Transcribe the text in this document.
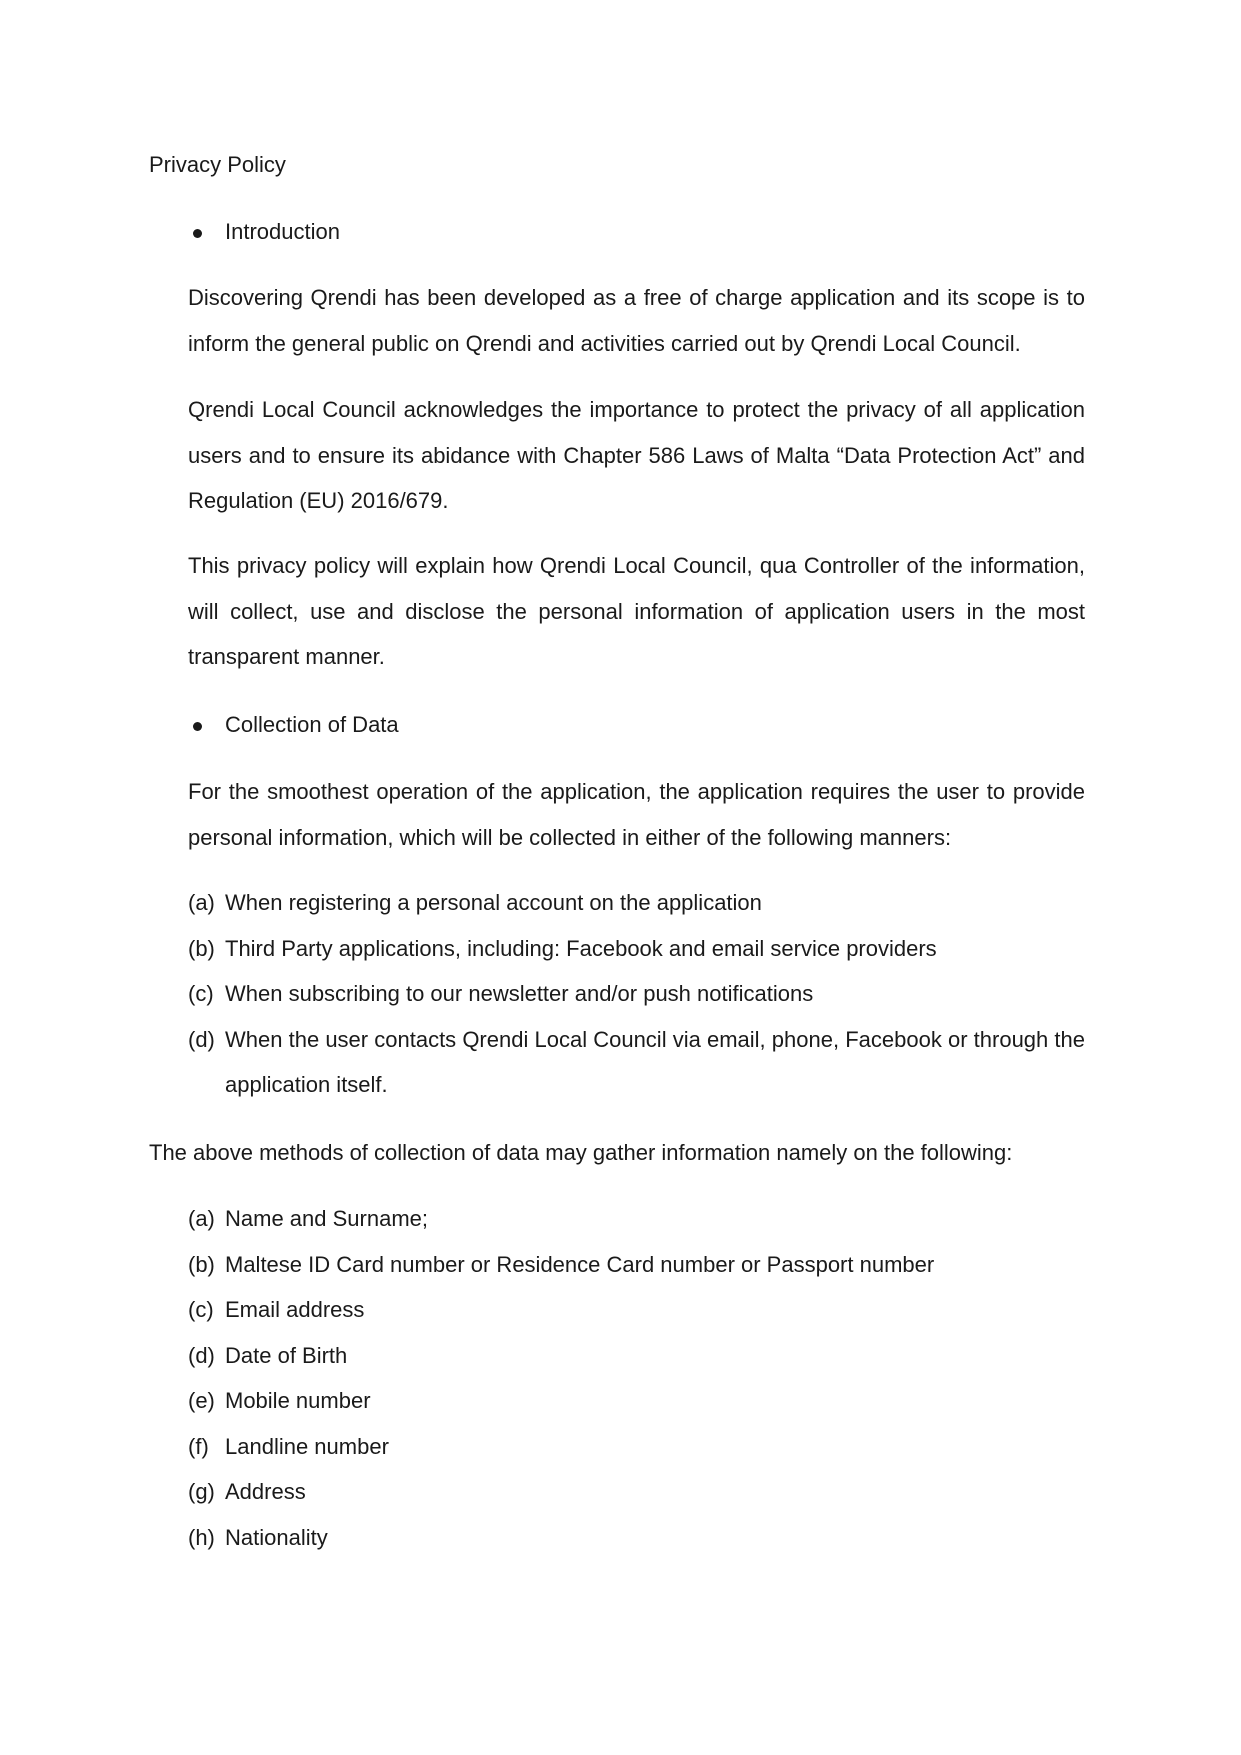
Privacy Policy
Introduction

Discovering Qrendi has been developed as a free of charge application and its scope is to inform the general public on Qrendi and activities carried out by Qrendi Local Council.

Qrendi Local Council acknowledges the importance to protect the privacy of all application users and to ensure its abidance with Chapter 586 Laws of Malta “Data Protection Act” and Regulation (EU) 2016/679.

This privacy policy will explain how Qrendi Local Council, qua Controller of the information, will collect, use and disclose the personal information of application users in the most transparent manner.

Collection of Data

For the smoothest operation of the application, the application requires the user to provide personal information, which will be collected in either of the following manners:

(a) When registering a personal account on the application
(b) Third Party applications, including: Facebook and email service providers
(c) When subscribing to our newsletter and/or push notifications
(d) When the user contacts Qrendi Local Council via email, phone, Facebook or through the application itself.

The above methods of collection of data may gather information namely on the following:

(a) Name and Surname;
(b) Maltese ID Card number or Residence Card number or Passport number
(c) Email address
(d) Date of Birth
(e) Mobile number
(f) Landline number
(g) Address
(h) Nationality
